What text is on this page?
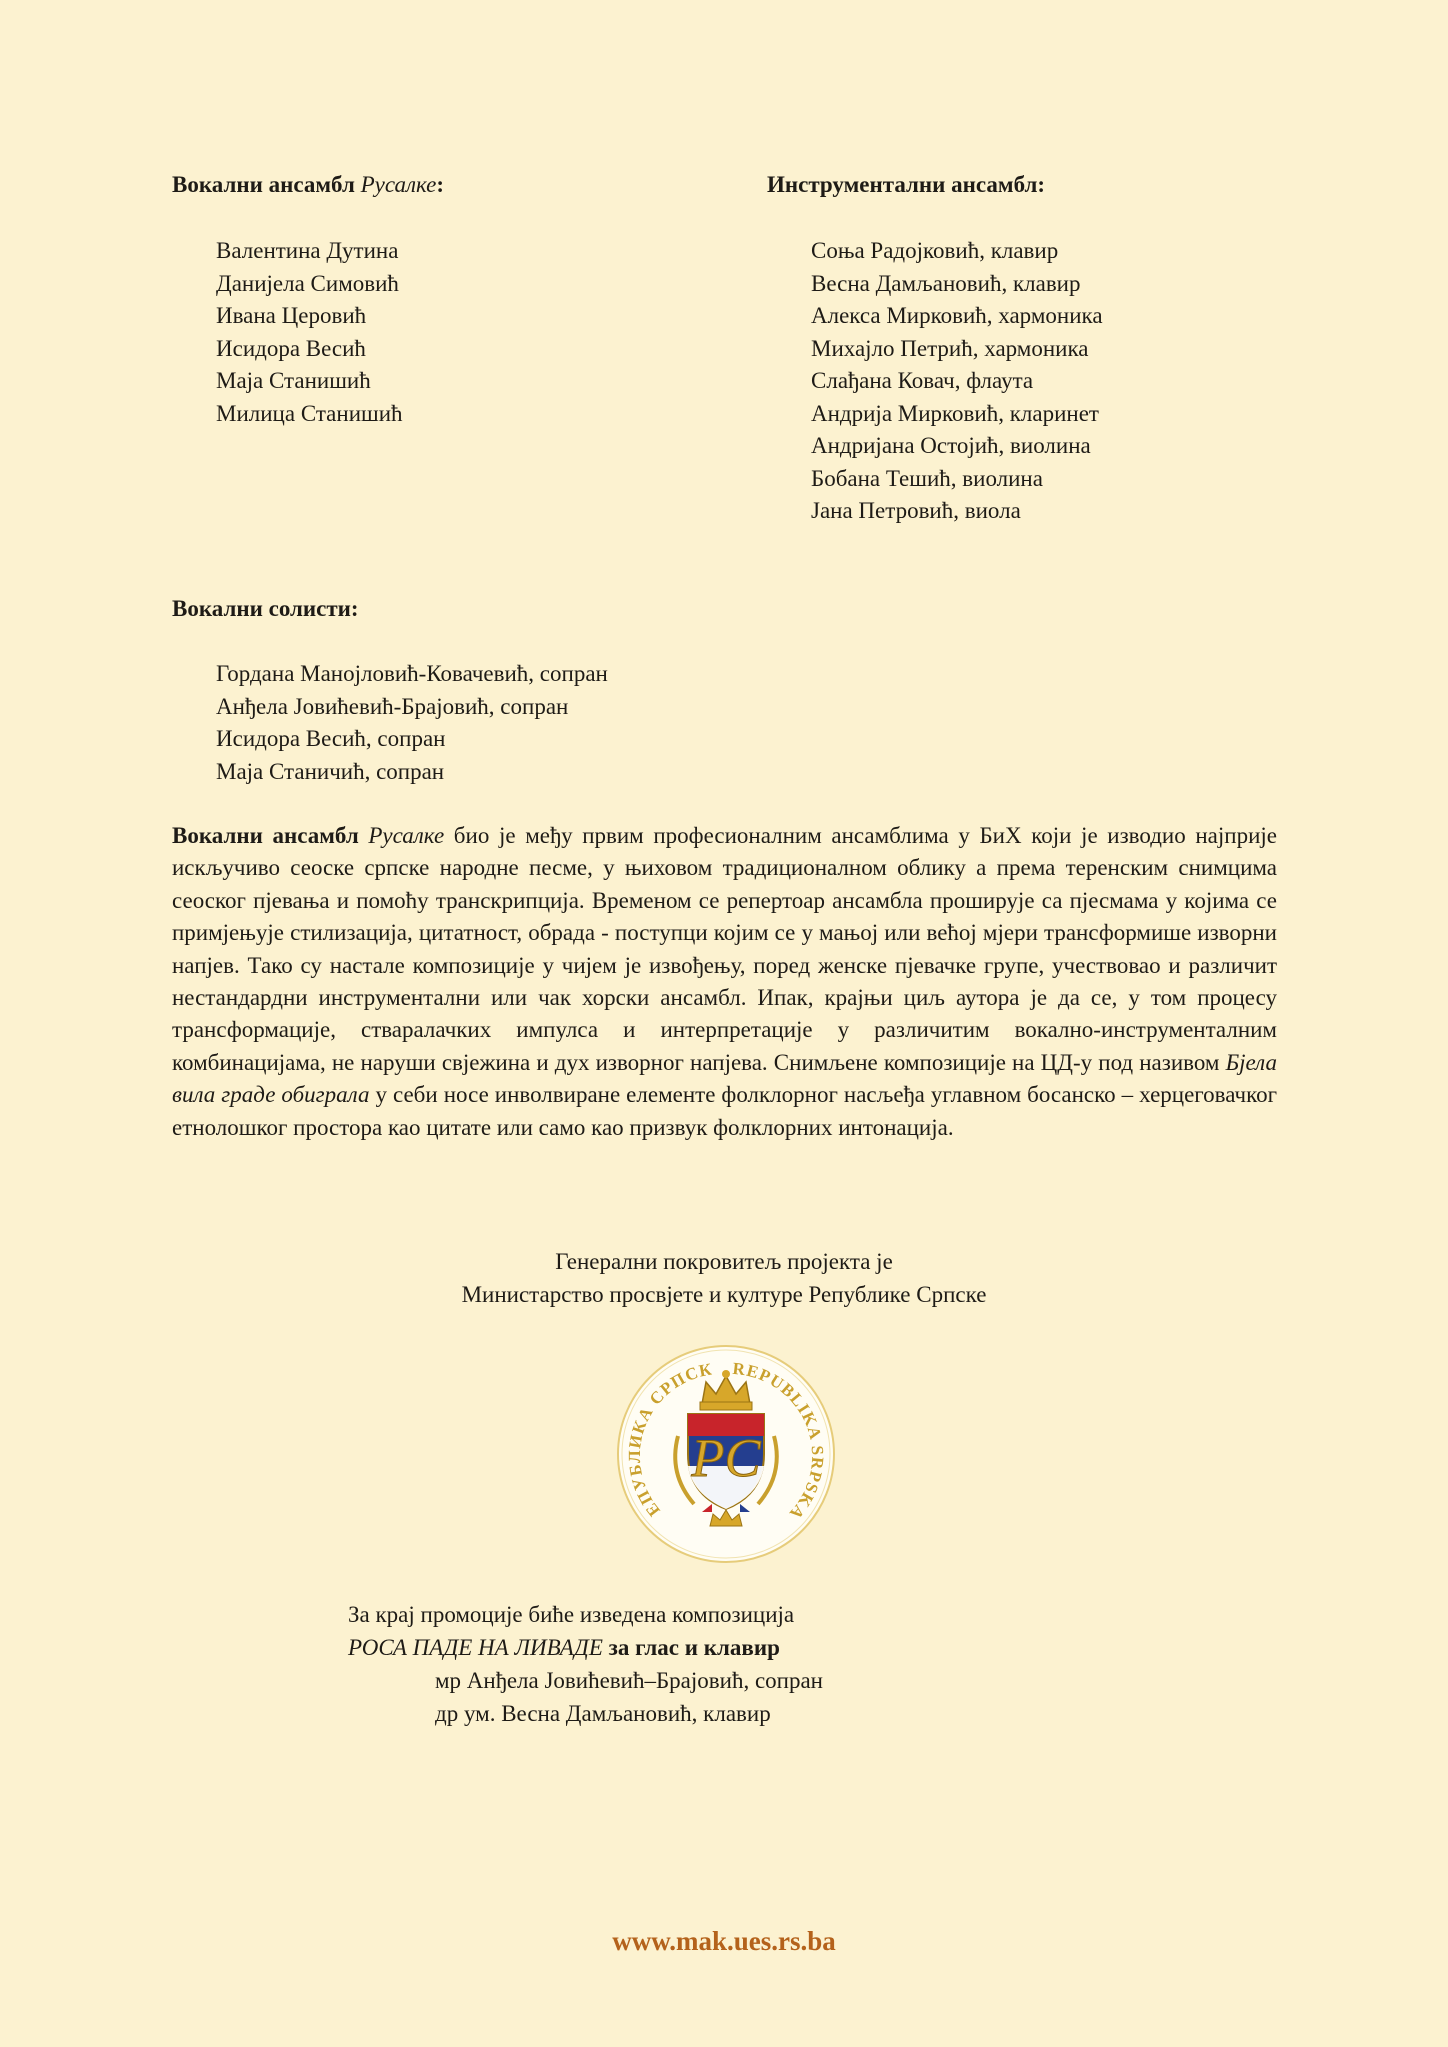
Вокални ансамбл Русалке:
Валентина Дутина
Данијела Симовић
Ивана Церовић
Исидора Весић
Маја Станишић
Милица Станишић
Инструментални ансамбл:
Соња Радојковић, клавир
Весна Дамљановић, клавир
Алекса Мирковић, хармоника
Михајло Петрић, хармоника
Слађана Ковач, флаута
Андрија Мирковић, кларинет
Андријана Остојић, виолина
Бобана Тешић, виолина
Јана Петровић, виола
Вокални солисти:
Гордана Манојловић-Ковачевић, сопран
Анђела Јовићевић-Брајовић, сопран
Исидора Весић, сопран
Маја Станичић, сопран
Вокални ансамбл Русалке био је међу првим професионалним ансамблима у БиХ који је изводио најприје искључиво сеоске српске народне песме, у њиховом традиционалном облику а према теренским снимцима сеоског пјевања и помоћу транскрипција. Временом се репертоар ансамбла проширује са пјесмама у којима се примјењује стилизација, цитатност, обрада - поступци којим се у мањој или већој мјери трансформише изворни напјев. Тако су настале композиције у чијем је извођењу, поред женске пјевачке групе, учествовао и различит нестандардни инструментални или чак хорски ансамбл. Ипак, крајњи циљ аутора је да се, у том процесу трансформације, стваралачких импулса и интерпретације у различитим вокално-инструменталним комбинацијама, не наруши свјежина и дух изворног напјева. Снимљене композиције на ЦД-у под називом Бјела вила граде обиграла у себи носе инволвиране елементе фолклорног насљеђа углавном босанско – херцеговачког етнолошког простора као цитате или само као призвук фолклорних интонација.
Генерални покровитељ пројекта је
Министарство просвјете и културе Републике Српске
ЕПУБЛИКА СРПСК REPUBLIKA SRPSKA
РС
За крај промоције биће изведена композиција
РОСА ПАДЕ НА ЛИВАДЕ за глас и клавир
мр Анђела Јовићевић–Брајовић, сопран
др ум. Весна Дамљановић, клавир
www.mak.ues.rs.ba
